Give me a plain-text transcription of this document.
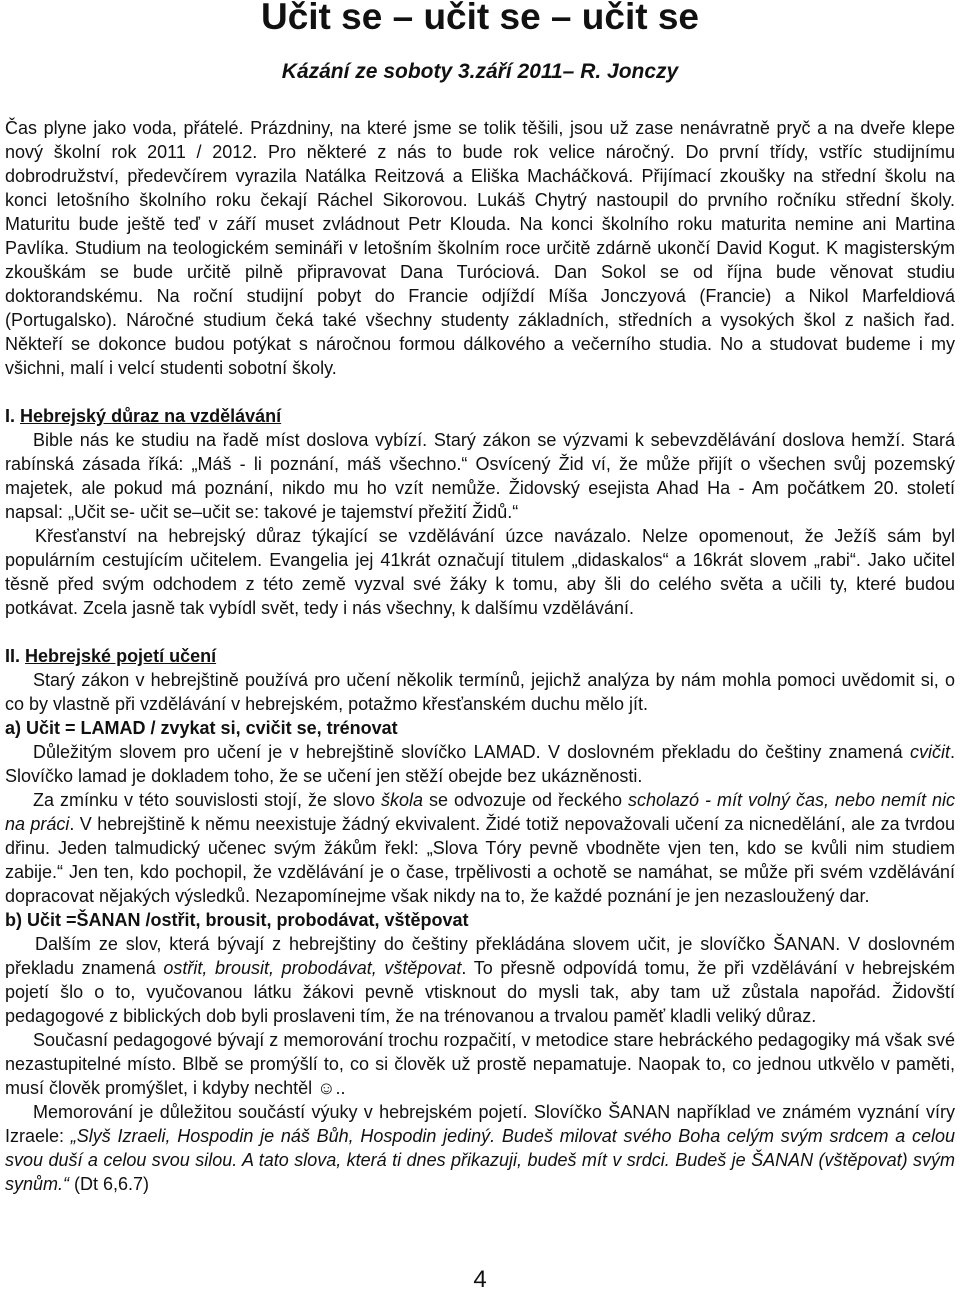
Učit se – učit se – učit se

Kázání ze soboty 3.září 2011– R. Jonczy

Čas plyne jako voda, přátelé. Prázdniny, na které jsme se tolik těšili, jsou už zase nenávratně pryč a na dveře klepe nový školní rok 2011 / 2012. Pro některé z nás to bude rok velice náročný. Do první třídy, vstříc studijnímu dobrodružství, předevčírem vyrazila Natálka Reitzová a Eliška Macháčková. Přijímací zkoušky na střední školu na konci letošního školního roku čekají Ráchel Sikorovou. Lukáš Chytrý nastoupil do prvního ročníku střední školy. Maturitu bude ještě teď v září muset zvládnout Petr Klouda. Na konci školního roku maturita nemine ani Martina Pavlíka. Studium na teologickém semináři v letošním školním roce určitě zdárně ukončí David Kogut. K magisterským zkouškám se bude určitě pilně připravovat Dana Turóciová. Dan Sokol se od října bude věnovat studiu doktorandskému. Na roční studijní pobyt do Francie odjíždí Míša Jonczyová (Francie) a Nikol Marfeldiová (Portugalsko). Náročné studium čeká také všechny studenty základních, středních a vysokých škol z našich řad. Někteří se dokonce budou potýkat s náročnou formou dálkového a večerního studia. No a studovat budeme i my všichni, malí i velcí studenti sobotní školy.

I. Hebrejský důraz na vzdělávání

Bible nás ke studiu na řadě míst doslova vybízí. Starý zákon se výzvami k sebevzdělávání doslova hemží. Stará rabínská zásada říká: „Máš - li poznání, máš všechno.“ Osvícený Žid ví, že může přijít o všechen svůj pozemský majetek, ale pokud má poznání, nikdo mu ho vzít nemůže. Židovský esejista Ahad Ha - Am počátkem 20. století napsal: „Učit se- učit se–učit se: takové je tajemství přežití Židů.“

Křesťanství na hebrejský důraz týkající se vzdělávání úzce navázalo. Nelze opomenout, že Ježíš sám byl populárním cestujícím učitelem. Evangelia jej 41krát označují titulem „didaskalos“ a 16krát slovem „rabi“. Jako učitel těsně před svým odchodem z této země vyzval své žáky k tomu, aby šli do celého světa a učili ty, které budou potkávat. Zcela jasně tak vybídl svět, tedy i nás všechny, k dalšímu vzdělávání.

II. Hebrejské pojetí učení

Starý zákon v hebrejštině používá pro učení několik termínů, jejichž analýza by nám mohla pomoci uvědomit si, o co by vlastně při vzdělávání v hebrejském, potažmo křesťanském duchu mělo jít.

a) Učit = LAMAD / zvykat si, cvičit se, trénovat

Důležitým slovem pro učení je v hebrejštině slovíčko LAMAD. V doslovném překladu do češtiny znamená cvičit. Slovíčko lamad je dokladem toho, že se učení jen stěží obejde bez ukázněnosti.

Za zmínku v této souvislosti stojí, že slovo škola se odvozuje od řeckého scholazó - mít volný čas, nebo nemít nic na práci. V hebrejštině k němu neexistuje žádný ekvivalent. Židé totiž nepovažovali učení za nicnedělání, ale za tvrdou dřinu. Jeden talmudický učenec svým žákům řekl: „Slova Tóry pevně vbodněte vjen ten, kdo se kvůli nim studiem zabije.“ Jen ten, kdo pochopil, že vzdělávání je o čase, trpělivosti a ochotě se namáhat, se může při svém vzdělávání dopracovat nějakých výsledků. Nezapomínejme však nikdy na to, že každé poznání je jen nezasloužený dar.

b) Učit =ŠANAN /ostřit, brousit, probodávat, vštěpovat

Dalším ze slov, která bývají z hebrejštiny do češtiny překládána slovem učit, je slovíčko ŠANAN. V doslovném překladu znamená ostřit, brousit, probodávat, vštěpovat. To přesně odpovídá tomu, že při vzdělávání v hebrejském pojetí šlo o to, vyučovanou látku žákovi pevně vtisknout do mysli tak, aby tam už zůstala napořád. Židovští pedagogové z biblických dob byli proslaveni tím, že na trénovanou a trvalou paměť kladli veliký důraz.

Současní pedagogové bývají z memorování trochu rozpačití, v metodice stare hebráckého pedagogiky má však své nezastupitelné místo. Blbě se promýšlí to, co si člověk už prostě nepamatuje. Naopak to, co jednou utkvělo v paměti, musí člověk promýšlet, i kdyby nechtěl ☺..

Memorování je důležitou součástí výuky v hebrejském pojetí. Slovíčko ŠANAN například ve známém vyznání víry Izraele: „Slyš Izraeli, Hospodin je náš Bůh, Hospodin jediný. Budeš milovat svého Boha celým svým srdcem a celou svou duší a celou svou silou. A tato slova, která ti dnes přikazuji, budeš mít v srdci. Budeš je ŠANAN (vštěpovat) svým synům.“ (Dt 6,6.7)

4
